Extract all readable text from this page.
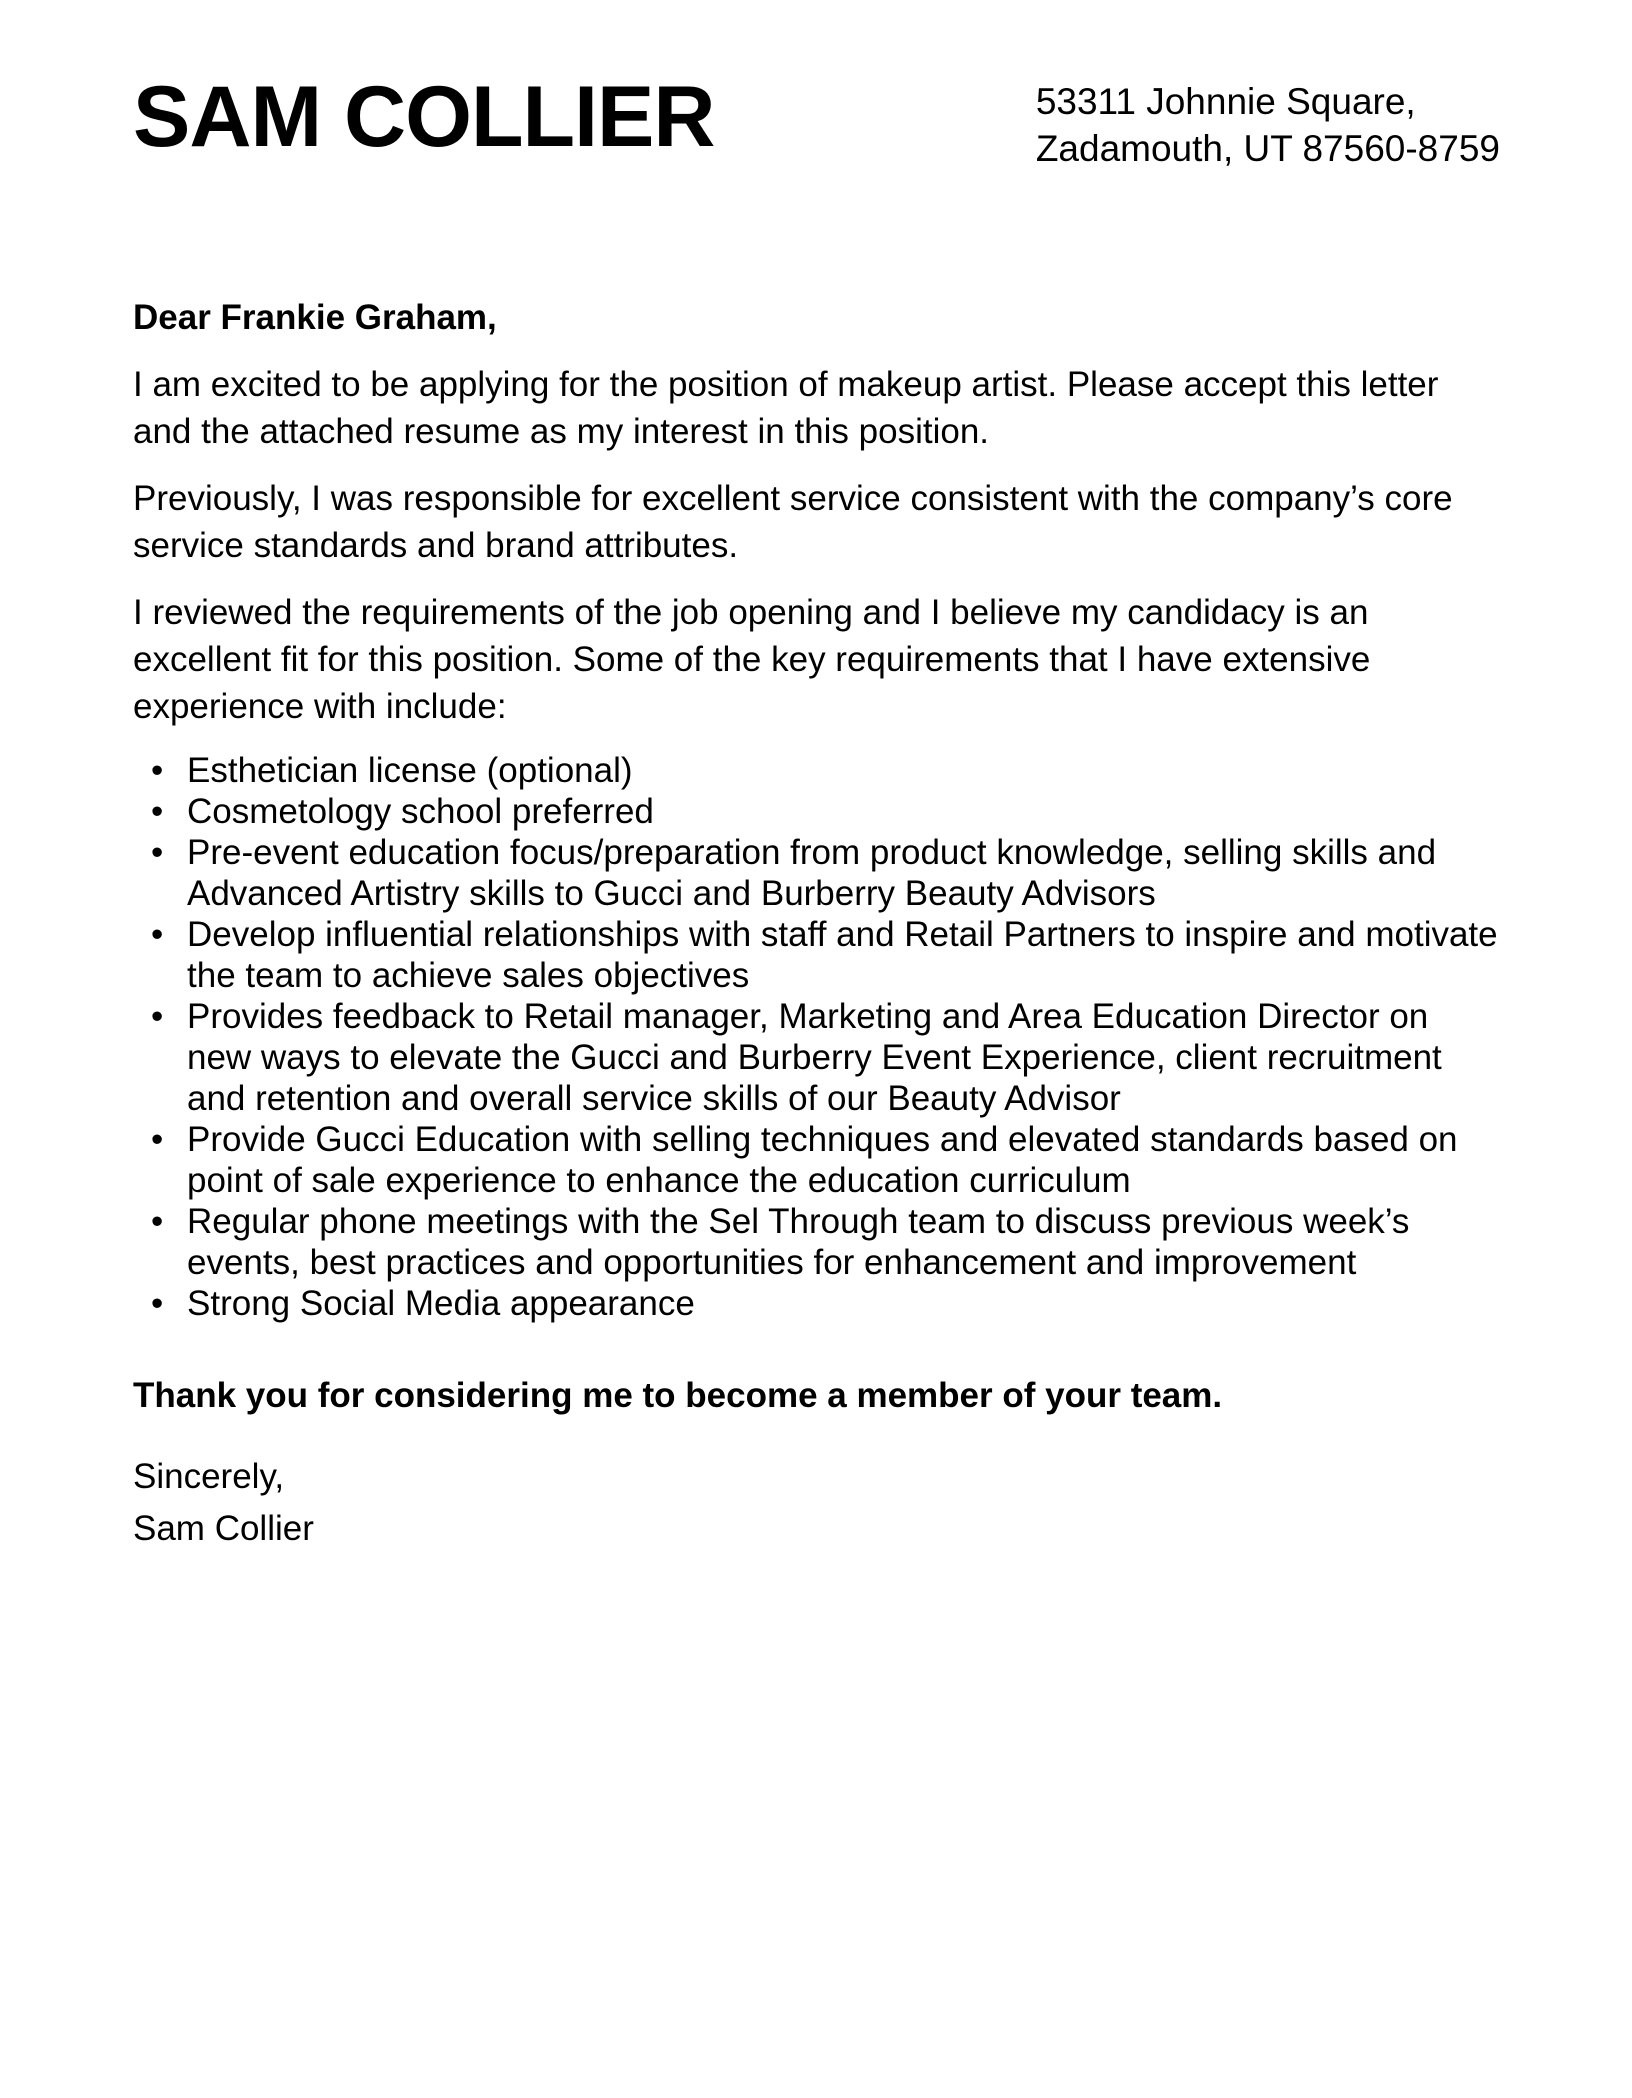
SAM COLLIER	53311 Johnnie Square,
Zadamouth, UT 87560-8759

Dear Frankie Graham,

I am excited to be applying for the position of makeup artist. Please accept this letter and the attached resume as my interest in this position.

Previously, I was responsible for excellent service consistent with the company’s core service standards and brand attributes.

I reviewed the requirements of the job opening and I believe my candidacy is an excellent fit for this position. Some of the key requirements that I have extensive experience with include:

• Esthetician license (optional)
• Cosmetology school preferred
• Pre-event education focus/preparation from product knowledge, selling skills and Advanced Artistry skills to Gucci and Burberry Beauty Advisors
• Develop influential relationships with staff and Retail Partners to inspire and motivate the team to achieve sales objectives
• Provides feedback to Retail manager, Marketing and Area Education Director on new ways to elevate the Gucci and Burberry Event Experience, client recruitment and retention and overall service skills of our Beauty Advisor
• Provide Gucci Education with selling techniques and elevated standards based on point of sale experience to enhance the education curriculum
• Regular phone meetings with the Sel Through team to discuss previous week’s events, best practices and opportunities for enhancement and improvement
• Strong Social Media appearance

Thank you for considering me to become a member of your team.

Sincerely,
Sam Collier
